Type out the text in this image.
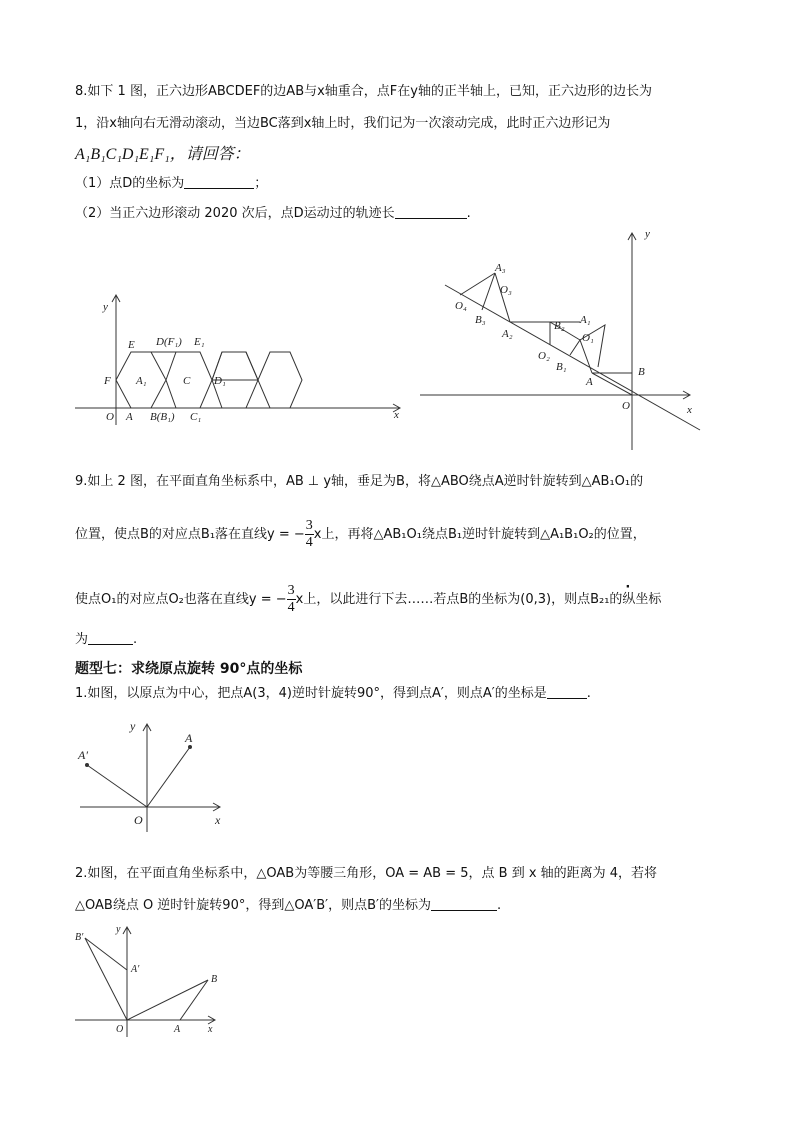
8.如下 1 图，正六边形ABCDEF的边AB与x轴重合，点F在y轴的正半轴上，已知，正六边形的边长为
1，沿x轴向右无滑动滚动，当边BC落到x轴上时，我们记为一次滚动完成，此时正六边形记为
A₁B₁C₁D₁E₁F₁，请回答：
（1）点D的坐标为	；
（2）当正六边形滚动 2020 次后，点D运动过的轨迹长	.
y
E D(F₁) E₁
F A₁	C D₁
O A B(B₁) C₁	x
y
A₃
O₃
O₄
B₃
A₂
B₂ A₁
O₁
O₂
B₁
A
B
O	x
9.如上 2 图，在平面直角坐标系中，AB ⊥ y轴，垂足为B，将△ABO绕点A逆时针旋转到△AB₁O₁的
位置，使点B的对应点B₁落在直线y = − $\frac{3}{4}$ x上，再将△AB₁O₁绕点B₁逆时针旋转到△A₁B₁O₂的位置，
使点O₁的对应点O₂也落在直线y = − $\frac{3}{4}$ x上，以此进行下去……若点B的坐标为(0,3)，则点B₂₁的纵坐标
为	.
题型七：求绕原点旋转 90°点的坐标
1.如图，以原点为中心，把点A(3，4)逆时针旋转90°，得到点A′，则点A′的坐标是	.
y
A′
A
O	x
2.如图，在平面直角坐标系中，△OAB为等腰三角形，OA = AB = 5，点 B 到 x 轴的距离为 4，若将
△OAB绕点 O 逆时针旋转90°，得到△OA′B′，则点B′的坐标为	.
B′
y
A′
B
O	A	x
